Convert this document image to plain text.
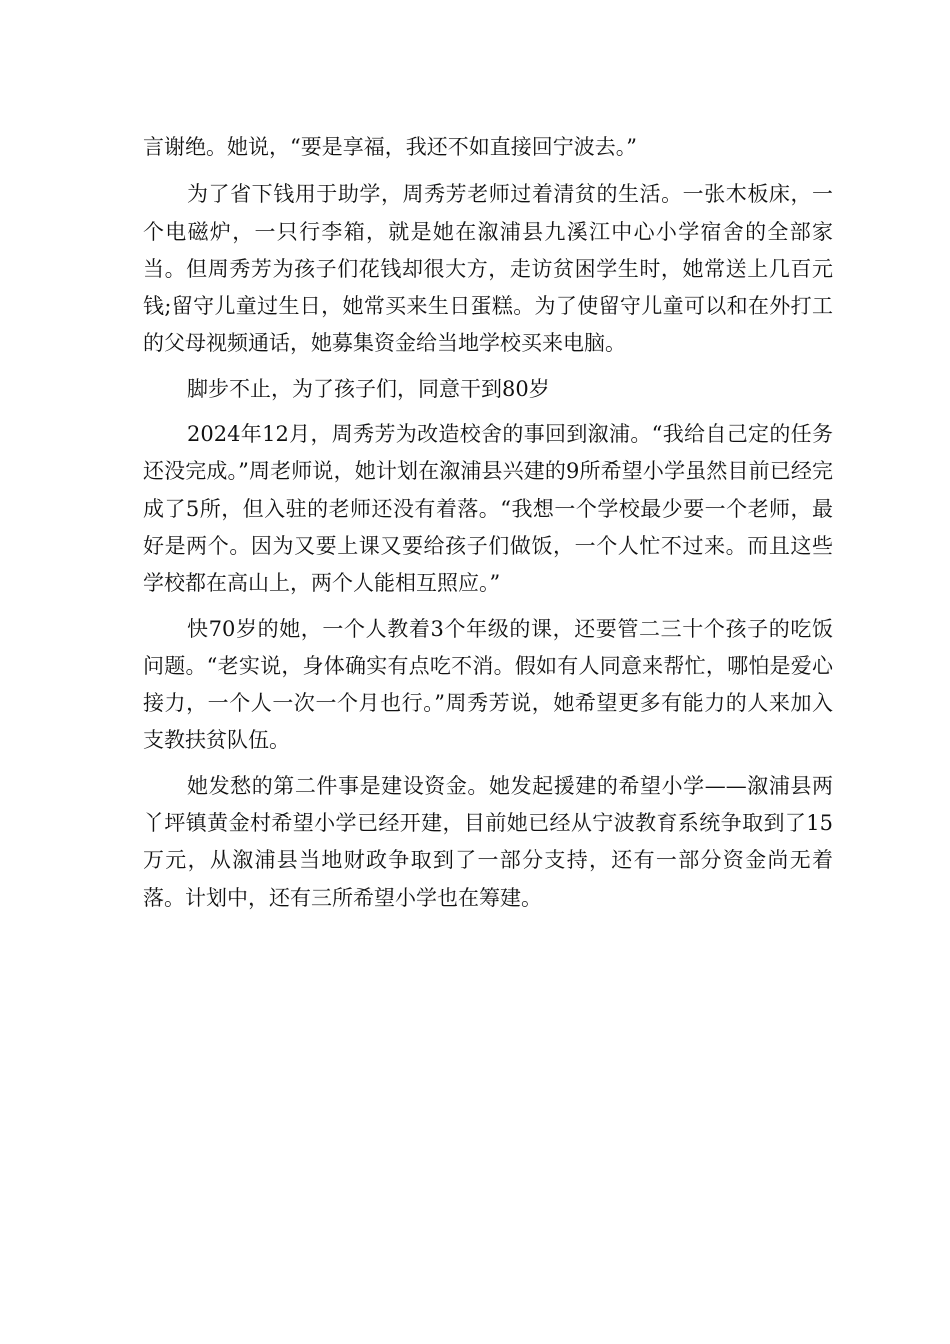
言谢绝。她说，“要是享福，我还不如直接回宁波去。”

为了省下钱用于助学，周秀芳老师过着清贫的生活。一张木板床，一个电磁炉，一只行李箱，就是她在溆浦县九溪江中心小学宿舍的全部家当。但周秀芳为孩子们花钱却很大方，走访贫困学生时，她常送上几百元钱;留守儿童过生日，她常买来生日蛋糕。为了使留守儿童可以和在外打工的父母视频通话，她募集资金给当地学校买来电脑。

脚步不止，为了孩子们，同意干到80岁

2024年12月，周秀芳为改造校舍的事回到溆浦。“我给自己定的任务还没完成。”周老师说，她计划在溆浦县兴建的9所希望小学虽然目前已经完成了5所，但入驻的老师还没有着落。“我想一个学校最少要一个老师，最好是两个。因为又要上课又要给孩子们做饭，一个人忙不过来。而且这些学校都在高山上，两个人能相互照应。”

快70岁的她，一个人教着3个年级的课，还要管二三十个孩子的吃饭问题。“老实说，身体确实有点吃不消。假如有人同意来帮忙，哪怕是爱心接力，一个人一次一个月也行。”周秀芳说，她希望更多有能力的人来加入支教扶贫队伍。

她发愁的第二件事是建设资金。她发起援建的希望小学——溆浦县两丫坪镇黄金村希望小学已经开建，目前她已经从宁波教育系统争取到了15万元，从溆浦县当地财政争取到了一部分支持，还有一部分资金尚无着落。计划中，还有三所希望小学也在筹建。
